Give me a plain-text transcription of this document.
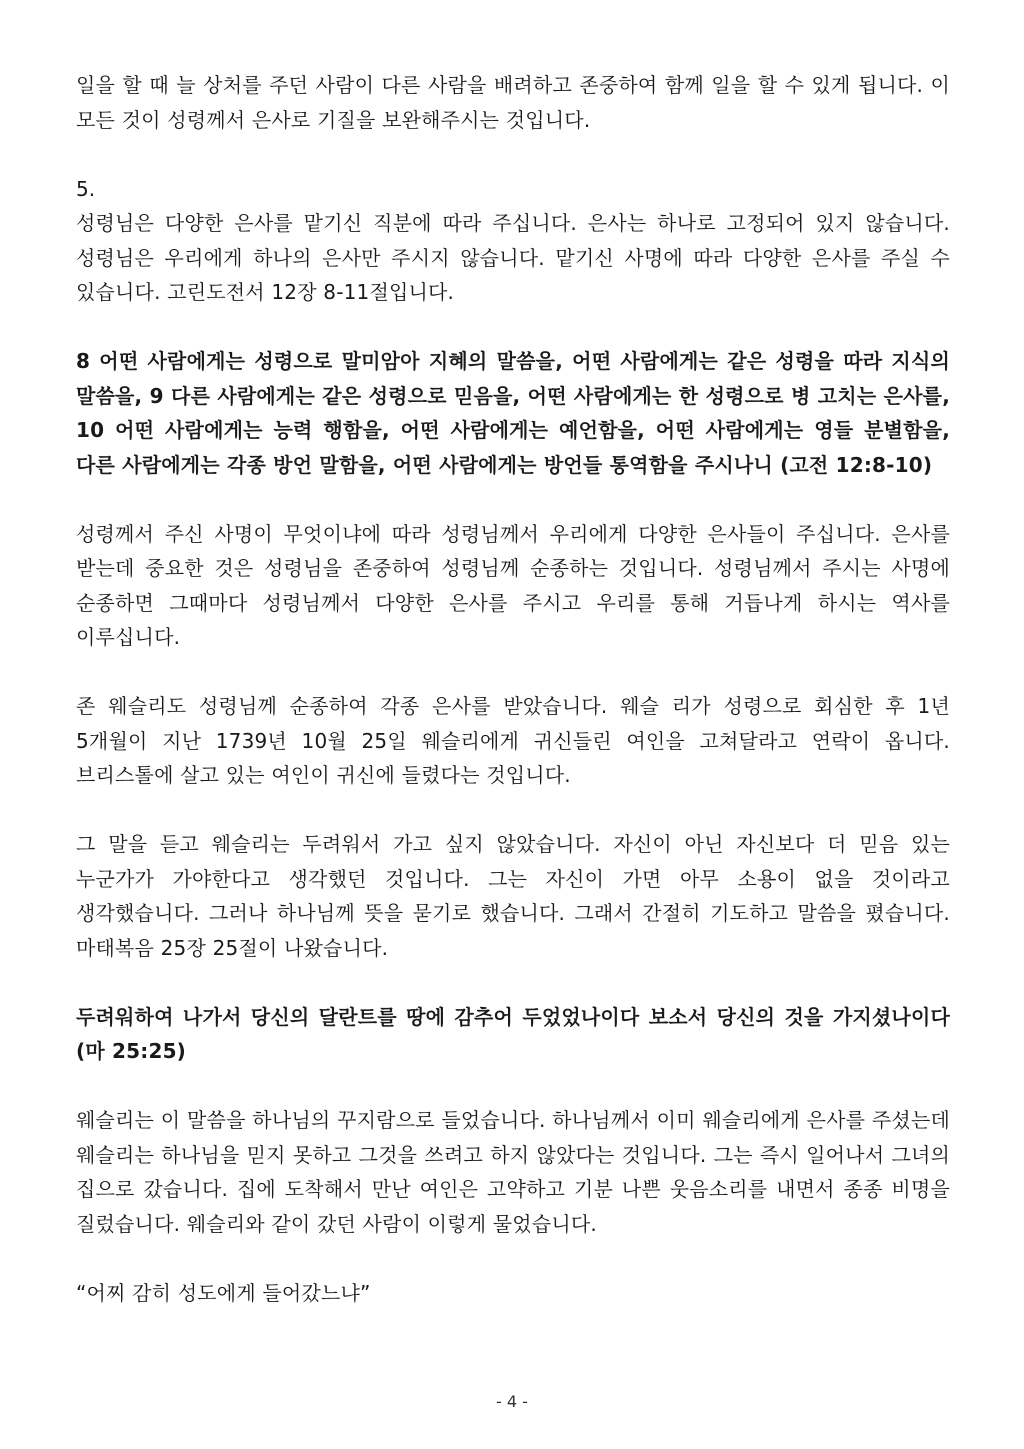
일을 할 때 늘 상처를 주던 사람이 다른 사람을 배려하고 존중하여 함께 일을 할 수 있게 됩니다. 이 모든 것이 성령께서 은사로 기질을 보완해주시는 것입니다.

5.

성령님은 다양한 은사를 맡기신 직분에 따라 주십니다. 은사는 하나로 고정되어 있지 않습니다. 성령님은 우리에게 하나의 은사만 주시지 않습니다. 맡기신 사명에 따라 다양한 은사를 주실 수 있습니다. 고린도전서 12장 8-11절입니다.

8 어떤 사람에게는 성령으로 말미암아 지혜의 말씀을, 어떤 사람에게는 같은 성령을 따라 지식의 말씀을, 9 다른 사람에게는 같은 성령으로 믿음을, 어떤 사람에게는 한 성령으로 병 고치는 은사를, 10 어떤 사람에게는 능력 행함을, 어떤 사람에게는 예언함을, 어떤 사람에게는 영들 분별함을, 다른 사람에게는 각종 방언 말함을, 어떤 사람에게는 방언들 통역함을 주시나니 (고전 12:8-10)

성령께서 주신 사명이 무엇이냐에 따라 성령님께서 우리에게 다양한 은사들이 주십니다. 은사를 받는데 중요한 것은 성령님을 존중하여 성령님께 순종하는 것입니다. 성령님께서 주시는 사명에 순종하면 그때마다 성령님께서 다양한 은사를 주시고 우리를 통해 거듭나게 하시는 역사를 이루십니다.

존 웨슬리도 성령님께 순종하여 각종 은사를 받았습니다. 웨슬 리가 성령으로 회심한 후 1년 5개월이 지난 1739년 10월 25일 웨슬리에게 귀신들린 여인을 고쳐달라고 연락이 옵니다. 브리스톨에 살고 있는 여인이 귀신에 들렸다는 것입니다.

그 말을 듣고 웨슬리는 두려워서 가고 싶지 않았습니다. 자신이 아닌 자신보다 더 믿음 있는 누군가가 가야한다고 생각했던 것입니다. 그는 자신이 가면 아무 소용이 없을 것이라고 생각했습니다. 그러나 하나님께 뜻을 묻기로 했습니다. 그래서 간절히 기도하고 말씀을 폈습니다. 마태복음 25장 25절이 나왔습니다.

두려워하여 나가서 당신의 달란트를 땅에 감추어 두었었나이다 보소서 당신의 것을 가지셨나이다 (마 25:25)

웨슬리는 이 말씀을 하나님의 꾸지람으로 들었습니다. 하나님께서 이미 웨슬리에게 은사를 주셨는데 웨슬리는 하나님을 믿지 못하고 그것을 쓰려고 하지 않았다는 것입니다. 그는 즉시 일어나서 그녀의 집으로 갔습니다. 집에 도착해서 만난 여인은 고약하고 기분 나쁜 웃음소리를 내면서 종종 비명을 질렀습니다. 웨슬리와 같이 갔던 사람이 이렇게 물었습니다.

“어찌 감히 성도에게 들어갔느냐”

- 4 -
